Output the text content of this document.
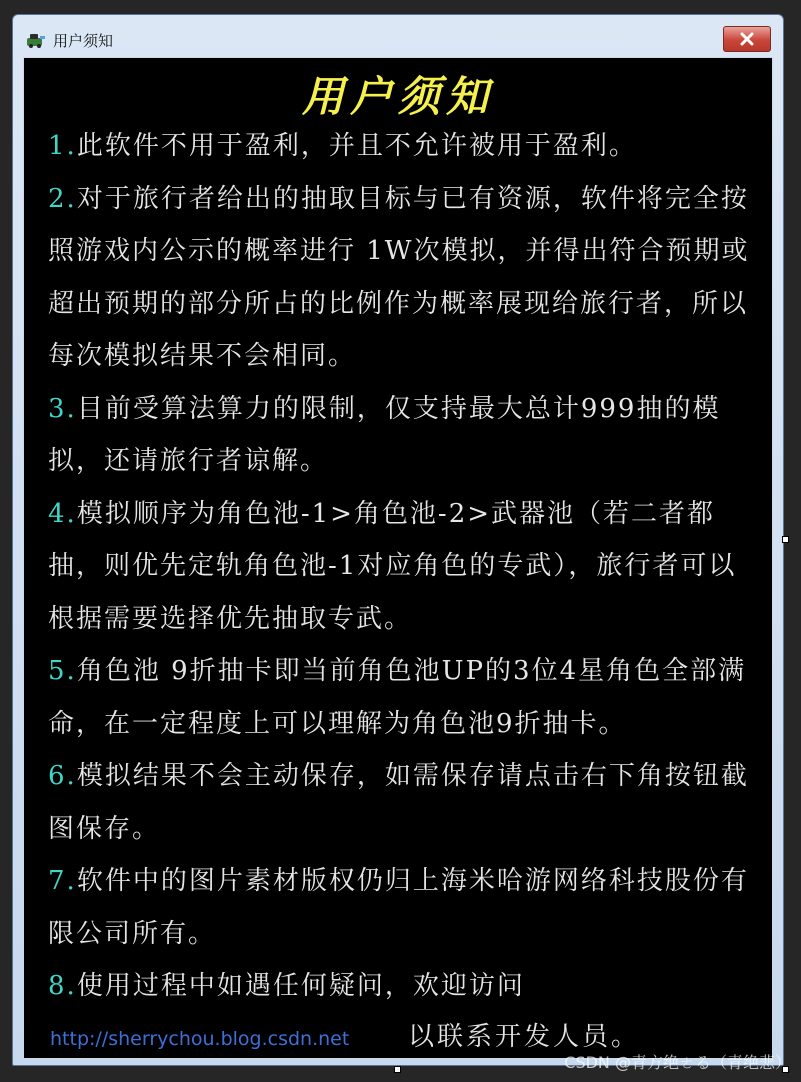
用户须知
用户须知
1.此软件不用于盈利，并且不允许被用于盈利。
2.对于旅行者给出的抽取目标与已有资源，软件将完全按照游戏内公示的概率进行 1W次模拟，并得出符合预期或超出预期的部分所占的比例作为概率展现给旅行者，所以每次模拟结果不会相同。
3.目前受算法算力的限制，仅支持最大总计999抽的模拟，还请旅行者谅解。
4.模拟顺序为角色池-1>角色池-2>武器池（若二者都抽，则优先定轨角色池-1对应角色的专武），旅行者可以根据需要选择优先抽取专武。
5.角色池 9折抽卡即当前角色池UP的3位4星角色全部满命，在一定程度上可以理解为角色池9折抽卡。
6.模拟结果不会主动保存，如需保存请点击右下角按钮截图保存。
7.软件中的图片素材版权仍归上海米哈游网络科技股份有限公司所有。
8.使用过程中如遇任何疑问，欢迎访问
http://sherrychou.blog.csdn.net 以联系开发人员。
CSDN @青方绝ㄜる（青绝悲）
